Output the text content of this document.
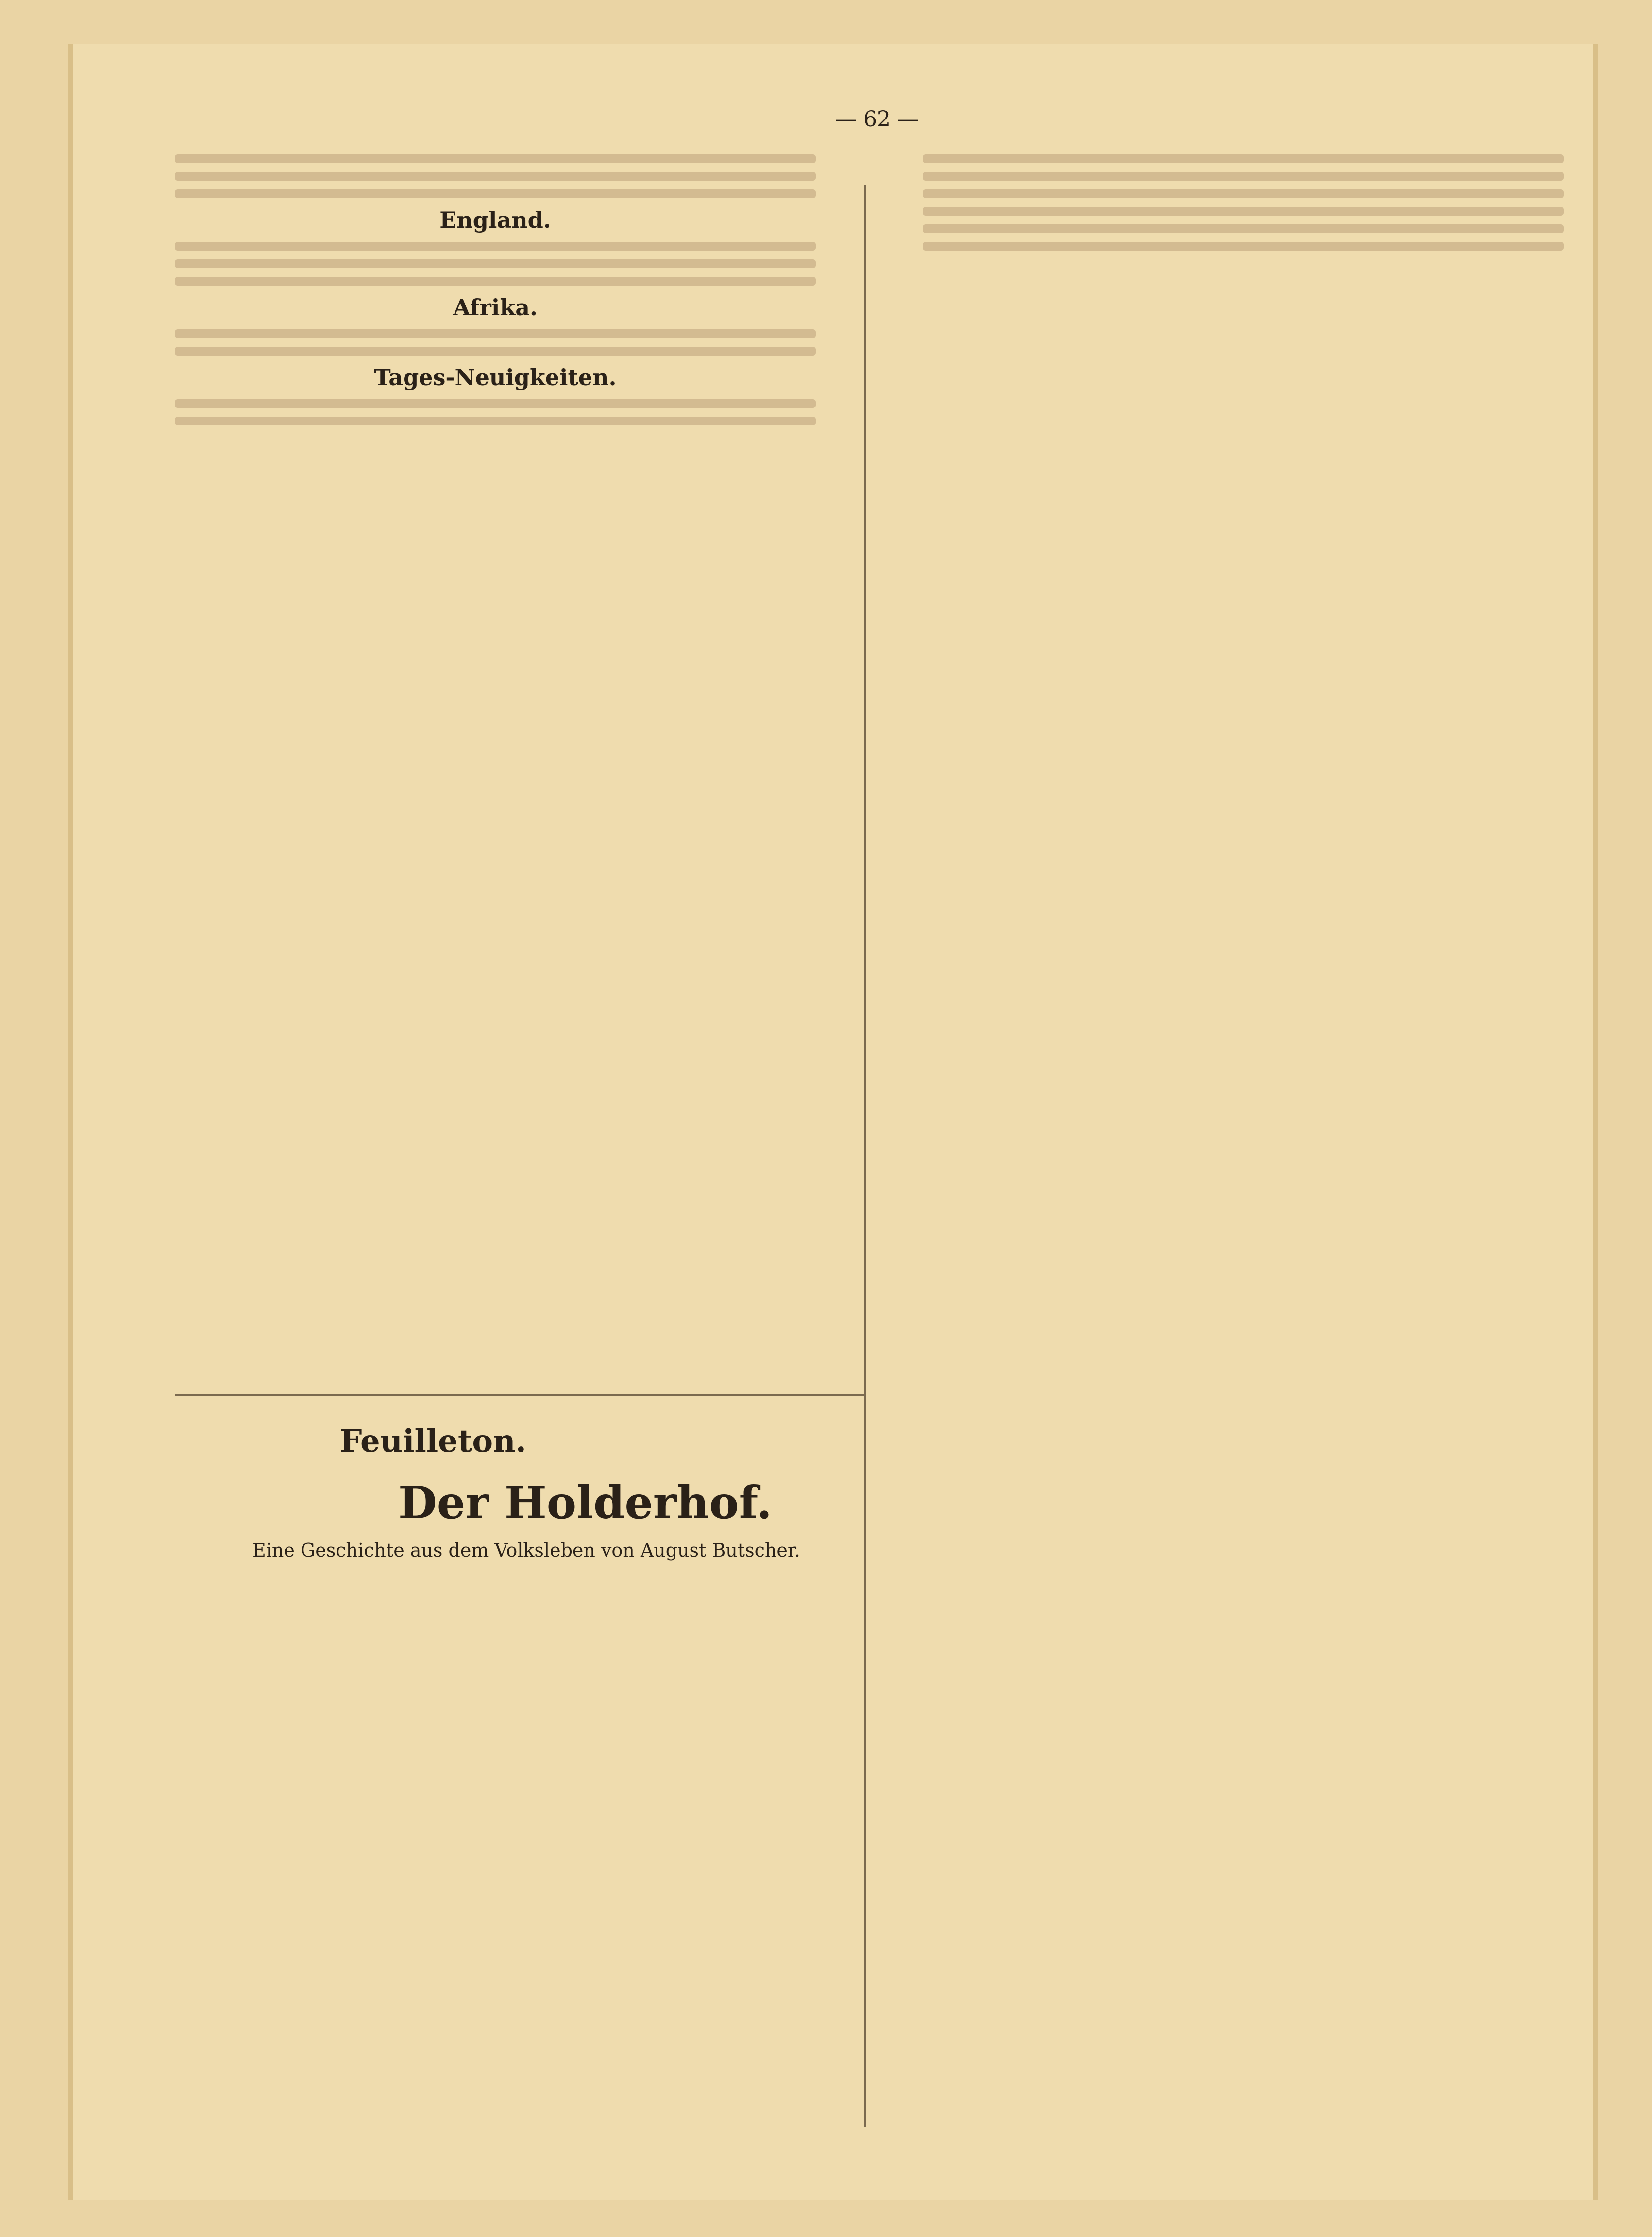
— 62 —
England.
Afrika.
Tages-Neuigkeiten.
Feuilleton.
Der Holderhof.
Eine Geschichte aus dem Volksleben von August Butscher.
